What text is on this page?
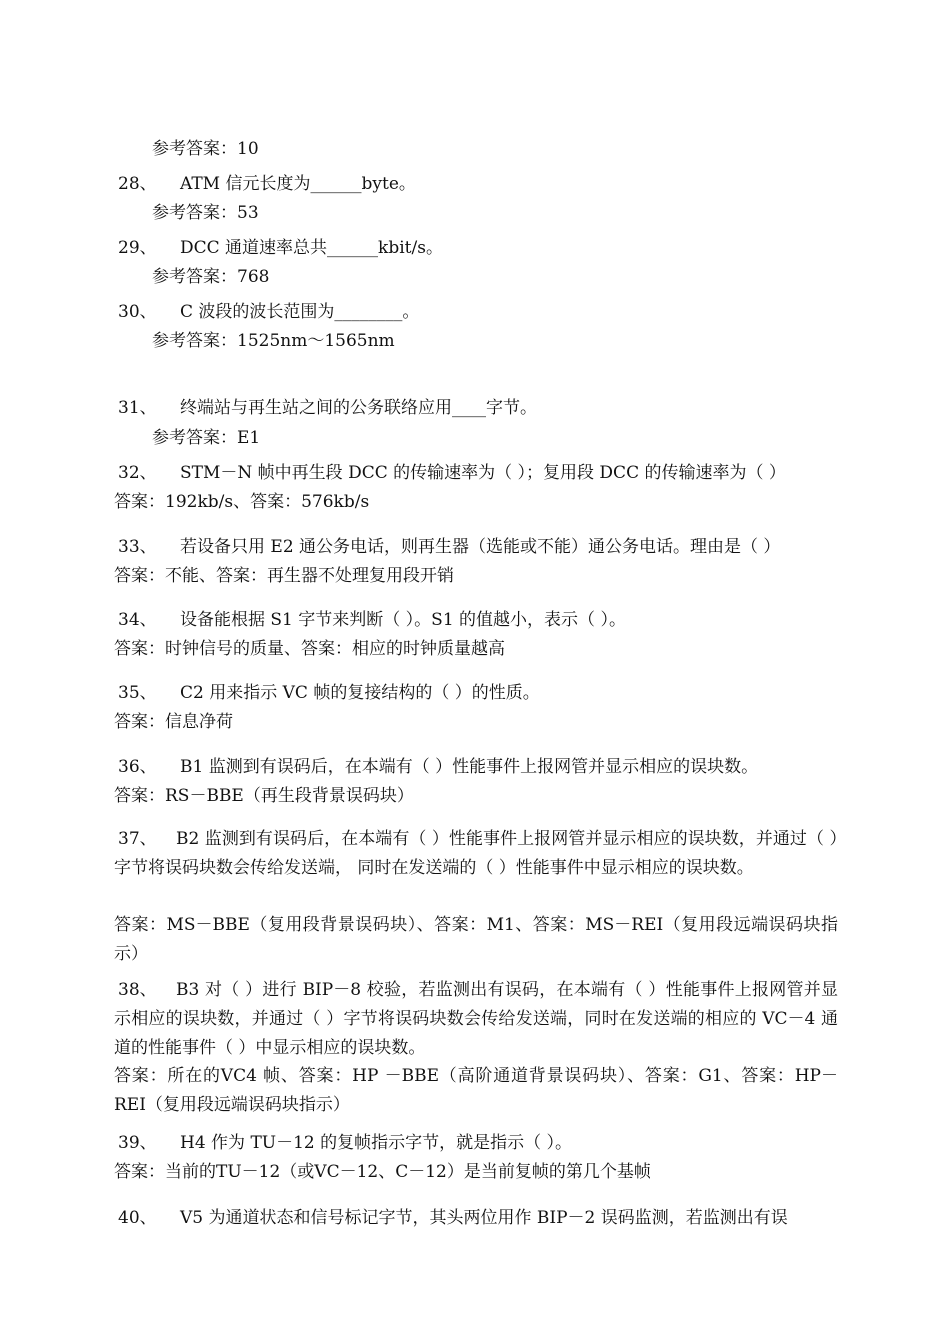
参考答案：10
28、 ATM 信元长度为______byte。
参考答案：53
29、 DCC 通道速率总共______kbit/s。
参考答案：768
30、 C 波段的波长范围为________。
参考答案：1525nm～1565nm
31、 终端站与再生站之间的公务联络应用____字节。
参考答案：E1
32、 STM－N 帧中再生段 DCC 的传输速率为（ ）；复用段 DCC 的传输速率为（ ）
答案：192kb/s、答案：576kb/s
33、 若设备只用 E2 通公务电话，则再生器（选能或不能）通公务电话。理由是（ ）
答案：不能、答案：再生器不处理复用段开销
34、 设备能根据 S1 字节来判断（ ）。S1 的值越小，表示（ ）。
答案：时钟信号的质量、答案：相应的时钟质量越高
35、 C2 用来指示 VC 帧的复接结构的（ ）的性质。
答案：信息净荷
36、 B1 监测到有误码后，在本端有（ ）性能事件上报网管并显示相应的误块数。
答案：RS－BBE（再生段背景误码块）
37、 B2 监测到有误码后，在本端有（ ）性能事件上报网管并显示相应的误块数，并通过（ ）字节将误码块数会传给发送端， 同时在发送端的（ ）性能事件中显示相应的误块数。
答案：MS－BBE（复用段背景误码块）、答案：M1、答案：MS－REI（复用段远端误码块指示）
38、 B3 对（ ）进行 BIP－8 校验，若监测出有误码，在本端有（ ）性能事件上报网管并显示相应的误块数，并通过（ ）字节将误码块数会传给发送端，同时在发送端的相应的 VC－4 通道的性能事件（ ）中显示相应的误块数。
答案：所在的VC4 帧、答案：HP －BBE（高阶通道背景误码块）、答案：G1、答案：HP－REI（复用段远端误码块指示）
39、 H4 作为 TU－12 的复帧指示字节，就是指示（ ）。
答案：当前的TU－12（或VC－12、C－12）是当前复帧的第几个基帧
40、 V5 为通道状态和信号标记字节，其头两位用作 BIP－2 误码监测，若监测出有误
